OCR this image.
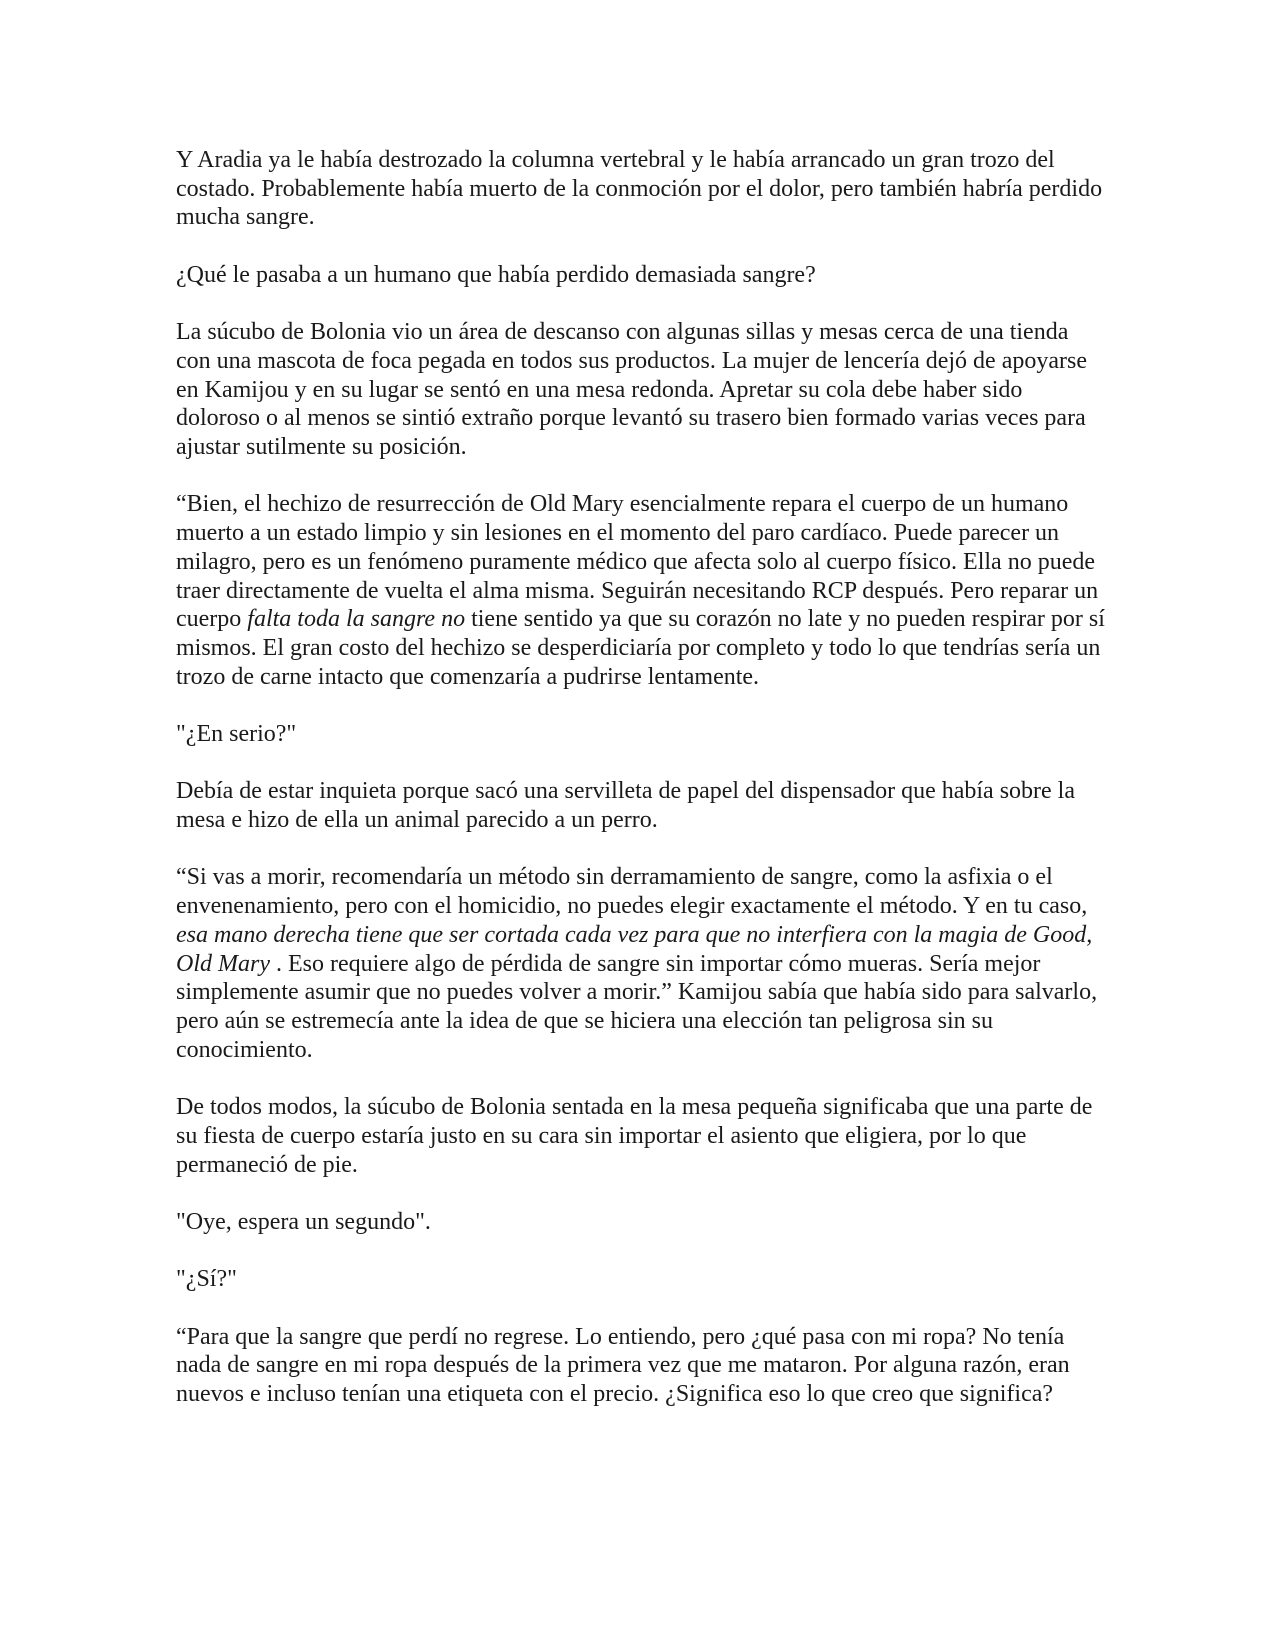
Y Aradia ya le había destrozado la columna vertebral y le había arrancado un gran trozo del costado. Probablemente había muerto de la conmoción por el dolor, pero también habría perdido mucha sangre.

¿Qué le pasaba a un humano que había perdido demasiada sangre?

La súcubo de Bolonia vio un área de descanso con algunas sillas y mesas cerca de una tienda con una mascota de foca pegada en todos sus productos. La mujer de lencería dejó de apoyarse en Kamijou y en su lugar se sentó en una mesa redonda. Apretar su cola debe haber sido doloroso o al menos se sintió extraño porque levantó su trasero bien formado varias veces para ajustar sutilmente su posición.

“Bien, el hechizo de resurrección de Old Mary esencialmente repara el cuerpo de un humano muerto a un estado limpio y sin lesiones en el momento del paro cardíaco. Puede parecer un milagro, pero es un fenómeno puramente médico que afecta solo al cuerpo físico. Ella no puede traer directamente de vuelta el alma misma. Seguirán necesitando RCP después. Pero reparar un cuerpo falta toda la sangre no tiene sentido ya que su corazón no late y no pueden respirar por sí mismos. El gran costo del hechizo se desperdiciaría por completo y todo lo que tendrías sería un trozo de carne intacto que comenzaría a pudrirse lentamente.

"¿En serio?"

Debía de estar inquieta porque sacó una servilleta de papel del dispensador que había sobre la mesa e hizo de ella un animal parecido a un perro.

“Si vas a morir, recomendaría un método sin derramamiento de sangre, como la asfixia o el envenenamiento, pero con el homicidio, no puedes elegir exactamente el método. Y en tu caso, esa mano derecha tiene que ser cortada cada vez para que no interfiera con la magia de Good, Old Mary . Eso requiere algo de pérdida de sangre sin importar cómo mueras. Sería mejor simplemente asumir que no puedes volver a morir.” Kamijou sabía que había sido para salvarlo, pero aún se estremecía ante la idea de que se hiciera una elección tan peligrosa sin su conocimiento.

De todos modos, la súcubo de Bolonia sentada en la mesa pequeña significaba que una parte de su fiesta de cuerpo estaría justo en su cara sin importar el asiento que eligiera, por lo que permaneció de pie.

"Oye, espera un segundo".

"¿Sí?"

“Para que la sangre que perdí no regrese. Lo entiendo, pero ¿qué pasa con mi ropa? No tenía nada de sangre en mi ropa después de la primera vez que me mataron. Por alguna razón, eran nuevos e incluso tenían una etiqueta con el precio. ¿Significa eso lo que creo que significa?
